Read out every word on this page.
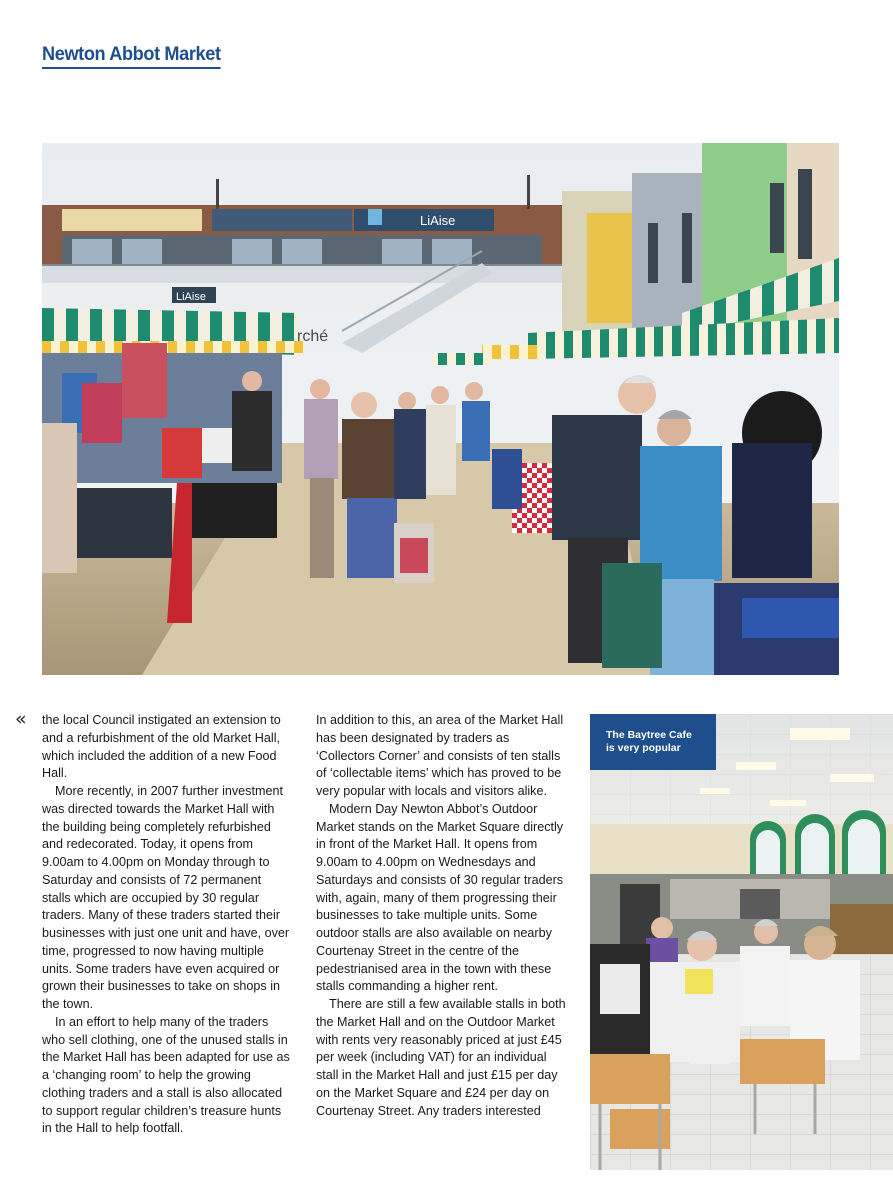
Newton Abbot Market
LiAise
LiAise
rché
The Baytree Cafe
is very popular
« the local Council instigated an extension to and a refurbishment of the old Market Hall, which included the addition of a new Food Hall.

More recently, in 2007 further investment was directed towards the Market Hall with the building being completely refurbished and redecorated. Today, it opens from 9.00am to 4.00pm on Monday through to Saturday and consists of 72 permanent stalls which are occupied by 30 regular traders. Many of these traders started their businesses with just one unit and have, over time, progressed to now having multiple units. Some traders have even acquired or grown their businesses to take on shops in the town.

In an effort to help many of the traders who sell clothing, one of the unused stalls in the Market Hall has been adapted for use as a ‘changing room’ to help the growing clothing traders and a stall is also allocated to support regular children’s treasure hunts in the Hall to help footfall.

In addition to this, an area of the Market Hall has been designated by traders as ‘Collectors Corner’ and consists of ten stalls of ‘collectable items’ which has proved to be very popular with locals and visitors alike.

Modern Day Newton Abbot’s Outdoor Market stands on the Market Square directly in front of the Market Hall. It opens from 9.00am to 4.00pm on Wednesdays and Saturdays and consists of 30 regular traders with, again, many of them progressing their businesses to take multiple units. Some outdoor stalls are also available on nearby Courtenay Street in the centre of the pedestrianised area in the town with these stalls commanding a higher rent.

There are still a few available stalls in both the Market Hall and on the Outdoor Market with rents very reasonably priced at just £45 per week (including VAT) for an individual stall in the Market Hall and just £15 per day on the Market Square and £24 per day on Courtenay Street. Any traders interested
